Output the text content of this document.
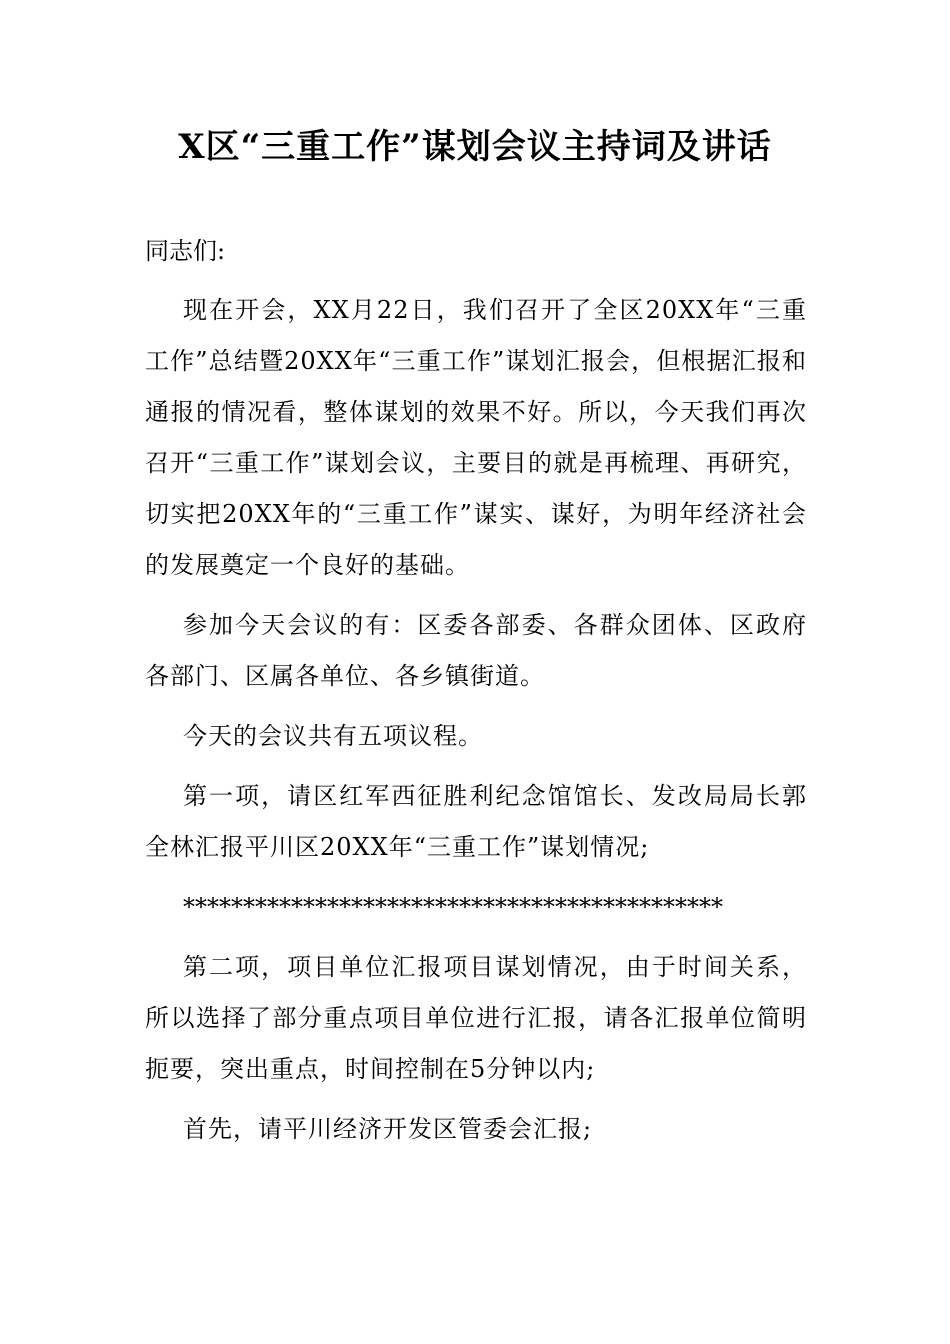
X区“三重工作”谋划会议主持词及讲话

同志们:

现在开会，XX月22日，我们召开了全区20XX年“三重工作”总结暨20XX年“三重工作”谋划汇报会，但根据汇报和通报的情况看，整体谋划的效果不好。所以，今天我们再次召开“三重工作”谋划会议，主要目的就是再梳理、再研究，切实把20XX年的“三重工作”谋实、谋好，为明年经济社会的发展奠定一个良好的基础。

参加今天会议的有：区委各部委、各群众团体、区政府各部门、区属各单位、各乡镇街道。

今天的会议共有五项议程。

第一项，请区红军西征胜利纪念馆馆长、发改局局长郭全林汇报平川区20XX年“三重工作”谋划情况;

*********************************************

第二项，项目单位汇报项目谋划情况，由于时间关系，所以选择了部分重点项目单位进行汇报，请各汇报单位简明扼要，突出重点，时间控制在5分钟以内;

首先，请平川经济开发区管委会汇报;
